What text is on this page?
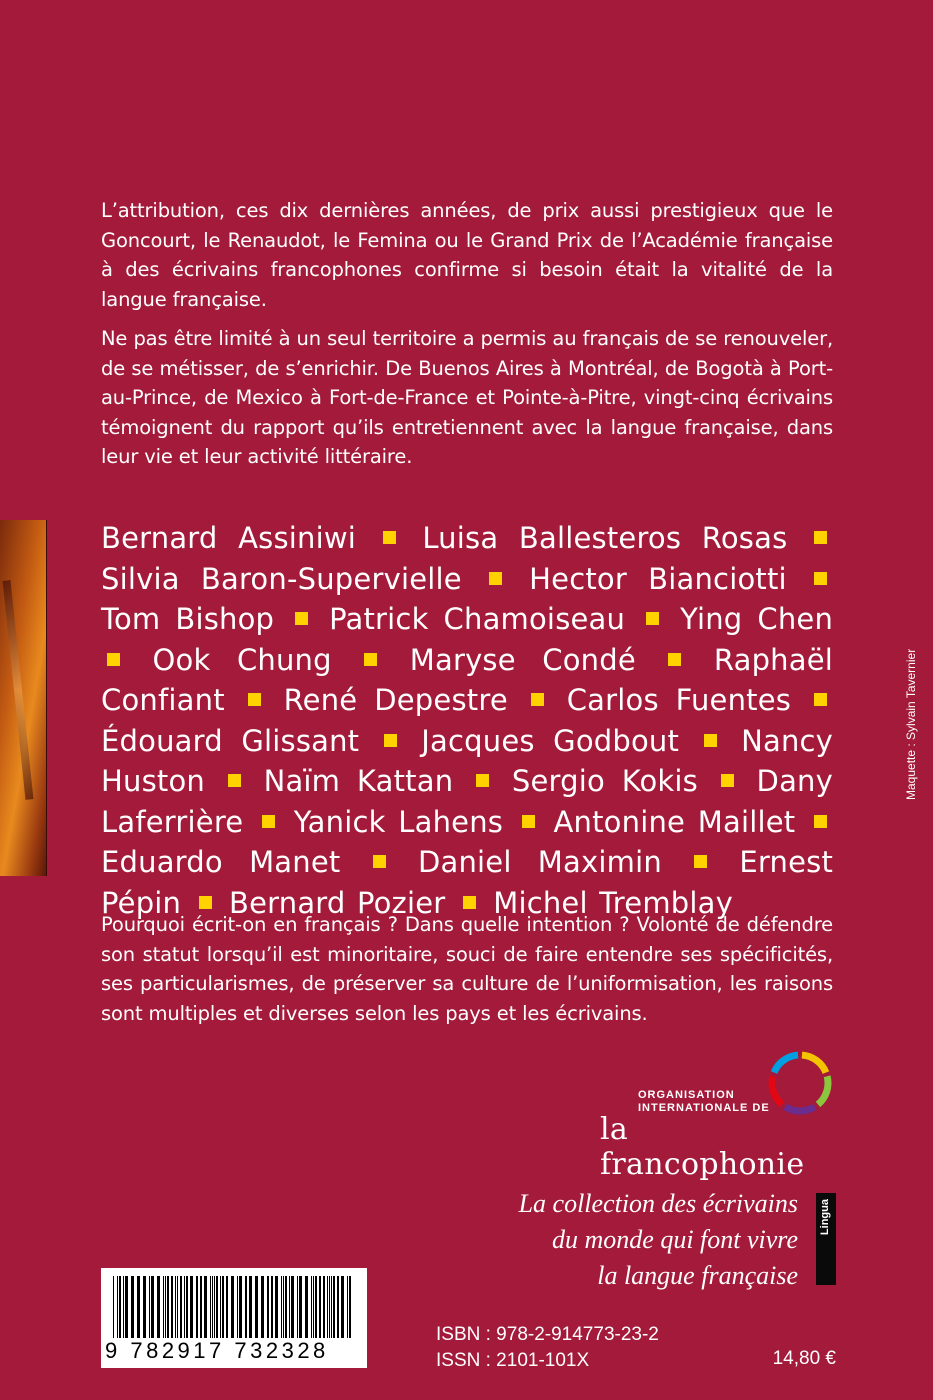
L’attribution, ces dix dernières années, de prix aussi prestigieux que le Goncourt, le Renaudot, le Femina ou le Grand Prix de l’Académie française à des écrivains francophones confirme si besoin était la vitalité de la langue française.

Ne pas être limité à un seul territoire a permis au français de se renouveler, de se métisser, de s’enrichir. De Buenos Aires à Montréal, de Bogotà à Port-au-Prince, de Mexico à Fort-de-France et Pointe-à-Pitre, vingt-cinq écrivains témoignent du rapport qu’ils entretiennent avec la langue française, dans leur vie et leur activité littéraire.

Bernard Assiniwi Luisa Ballesteros Rosas  Silvia Baron-Supervielle Hector Bianciotti  Tom Bishop Patrick Chamoiseau Ying Chen  Ook Chung	Maryse Condé	Raphaël Confiant René Depestre Carlos Fuentes  Édouard Glissant Jacques Godbout Nancy Huston Naïm Kattan Sergio Kokis Dany Laferrière Yanick Lahens Antonine Maillet  Eduardo Manet	Daniel Maximin	Ernest Pépin Bernard Pozier Michel Tremblay

Pourquoi écrit-on en français ? Dans quelle intention ? Volonté de défendre son statut lorsqu’il est minoritaire, souci de faire entendre ses spécificités, ses particularismes, de préserver sa culture de l’uniformisation, les raisons sont multiples et diverses selon les pays et les écrivains.

Maquette : Sylvain Tavernier
ORGANISATION
INTERNATIONALE DE
la francophonie
La collection des écrivains
du monde qui font vivre
la langue française
Lingua
9 782917 732328
ISBN : 978-2-914773-23-2
ISSN : 2101-101X	14,80 €
